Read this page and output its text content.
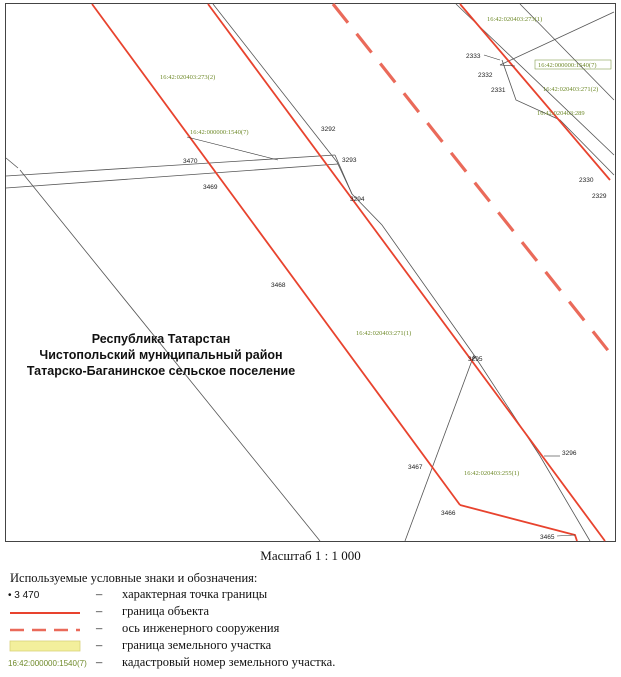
3292
3293
3294
3295
3296
3465
3466
3467
3468
3469
3470
2329
2330
2331
2332
2333
16:42:020403:273(2)
16:42:000000:1540(7)
16:42:020403:271(1)
16:42:020403:255(1)
16:42:020403:273(1)
16:42:000000:1540(7)
16:42:020403:271(2)
16:42:020403:289
Республика Татарстан
Чистопольский муниципальный район
Татарско-Баганинское сельское поселение
Масштаб 1 : 1 000
Используемые условные знаки и обозначения:
• 3 470	– характерная точка границы
– граница объекта
– ось инженерного сооружения
– граница земельного участка
16:42:000000:1540(7) – кадастровый номер земельного участка.
